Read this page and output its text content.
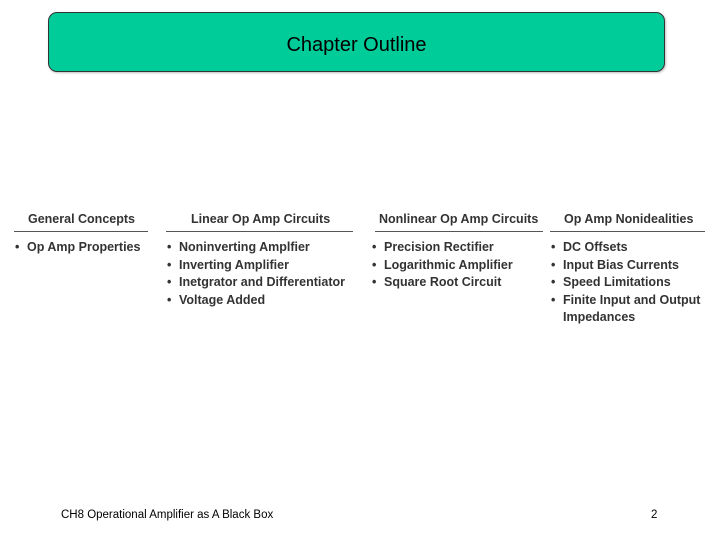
Chapter Outline
General Concepts
• Op Amp Properties
Linear Op Amp Circuits
• Noninverting Amplfier
• Inverting Amplifier
• Inetgrator and Differentiator
• Voltage Added
Nonlinear Op Amp Circuits
• Precision Rectifier
• Logarithmic Amplifier
• Square Root Circuit
Op Amp Nonidealities
• DC Offsets
• Input Bias Currents
• Speed Limitations
• Finite Input and Output Impedances
CH8 Operational Amplifier as A Black Box	2
